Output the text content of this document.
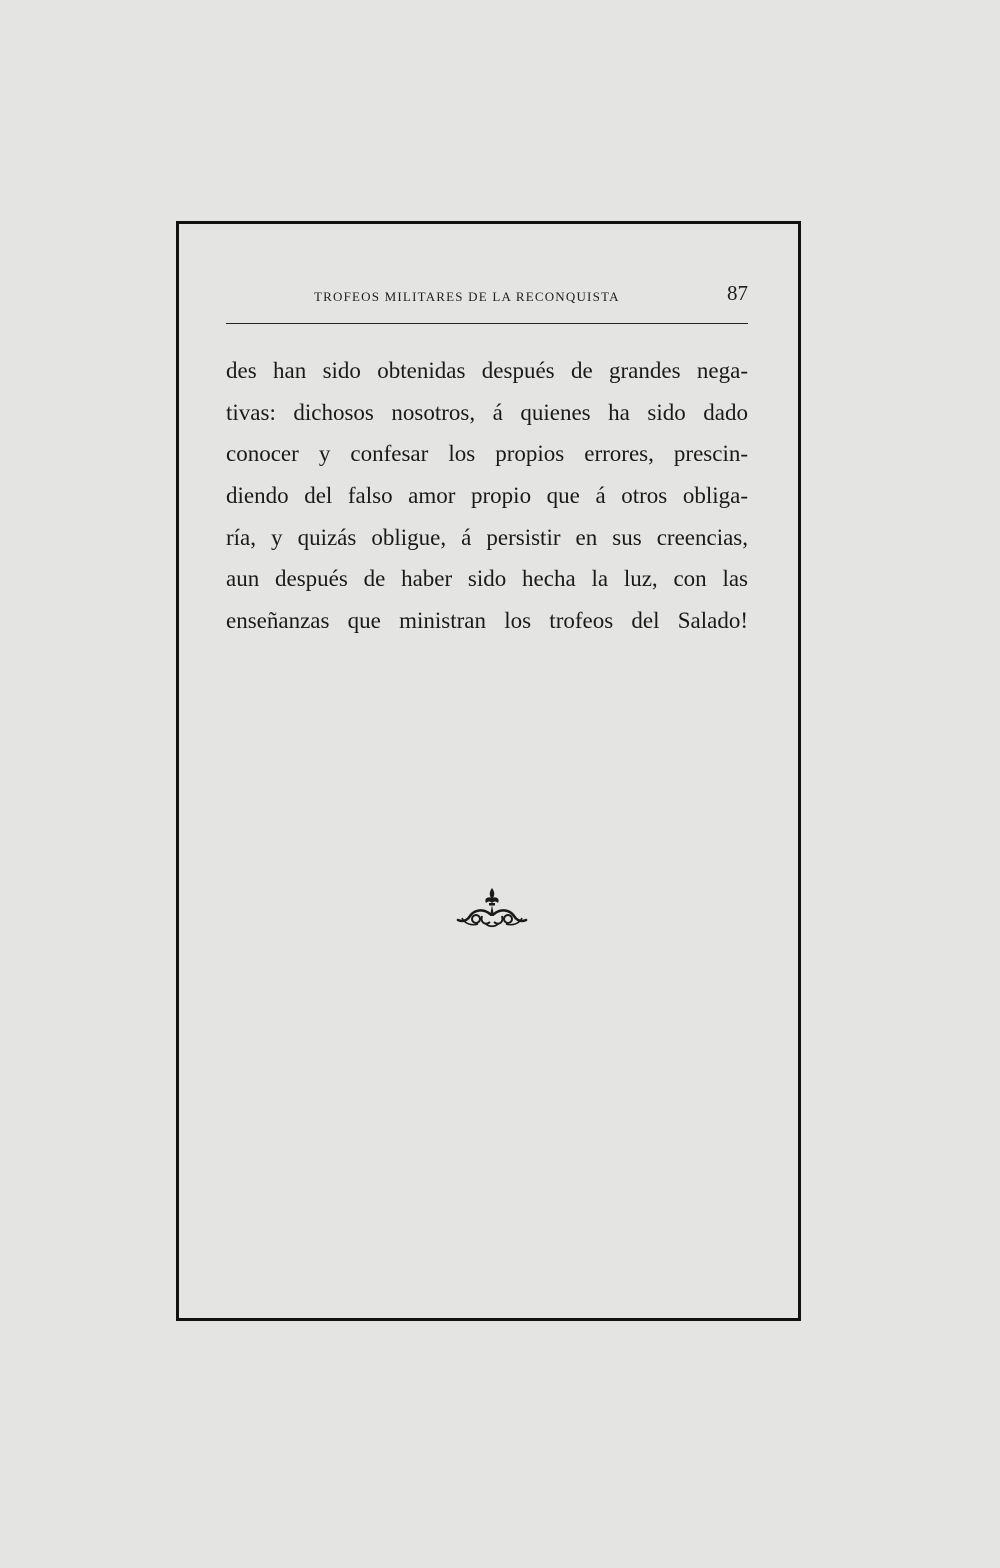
TROFEOS MILITARES DE LA RECONQUISTA	87
des han sido obtenidas después de grandes nega-
tivas: dichosos nosotros, á quienes ha sido dado
conocer y confesar los propios errores, prescin-
diendo del falso amor propio que á otros obliga-
ría, y quizás obligue, á persistir en sus creencias,
aun después de haber sido hecha la luz, con las
enseñanzas que ministran los trofeos del Salado!
